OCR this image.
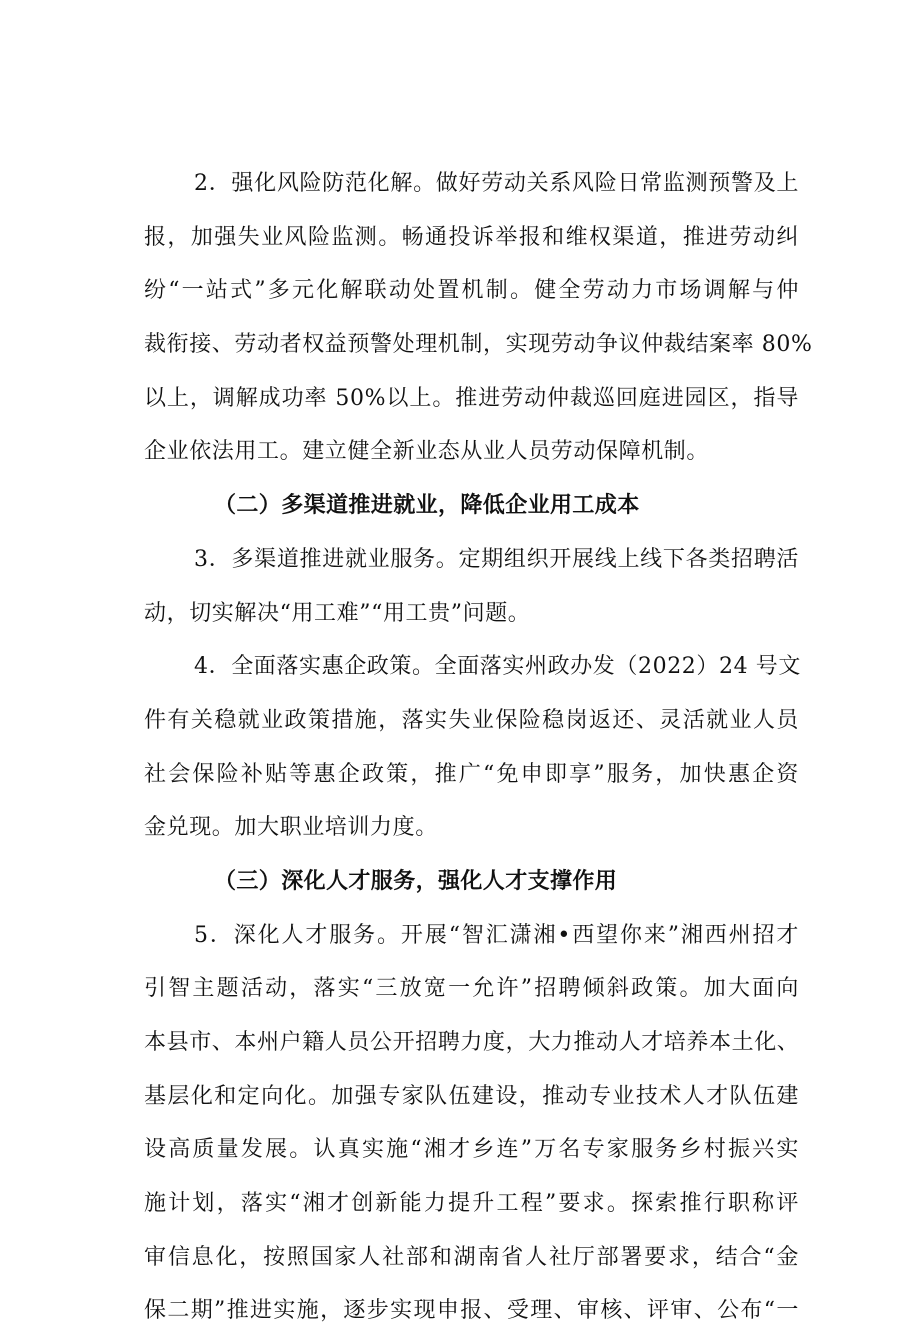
2．强化风险防范化解。做好劳动关系风险日常监测预警及上
报，加强失业风险监测。畅通投诉举报和维权渠道，推进劳动纠
纷“一站式”多元化解联动处置机制。健全劳动力市场调解与仲
裁衔接、劳动者权益预警处理机制，实现劳动争议仲裁结案率 80%
以上，调解成功率 50%以上。推进劳动仲裁巡回庭进园区，指导
企业依法用工。建立健全新业态从业人员劳动保障机制。
（二）多渠道推进就业，降低企业用工成本
3．多渠道推进就业服务。定期组织开展线上线下各类招聘活
动，切实解决“用工难”“用工贵”问题。
4．全面落实惠企政策。全面落实州政办发（2022）24 号文
件有关稳就业政策措施，落实失业保险稳岗返还、灵活就业人员
社会保险补贴等惠企政策，推广“免申即享”服务，加快惠企资
金兑现。加大职业培训力度。
（三）深化人才服务，强化人才支撑作用
5．深化人才服务。开展“智汇潇湘•西望你来”湘西州招才
引智主题活动，落实“三放宽一允许”招聘倾斜政策。加大面向
本县市、本州户籍人员公开招聘力度，大力推动人才培养本土化、
基层化和定向化。加强专家队伍建设，推动专业技术人才队伍建
设高质量发展。认真实施“湘才乡连”万名专家服务乡村振兴实
施计划，落实“湘才创新能力提升工程”要求。探索推行职称评
审信息化，按照国家人社部和湖南省人社厅部署要求，结合“金
保二期”推进实施，逐步实现申报、受理、审核、评审、公布“一
